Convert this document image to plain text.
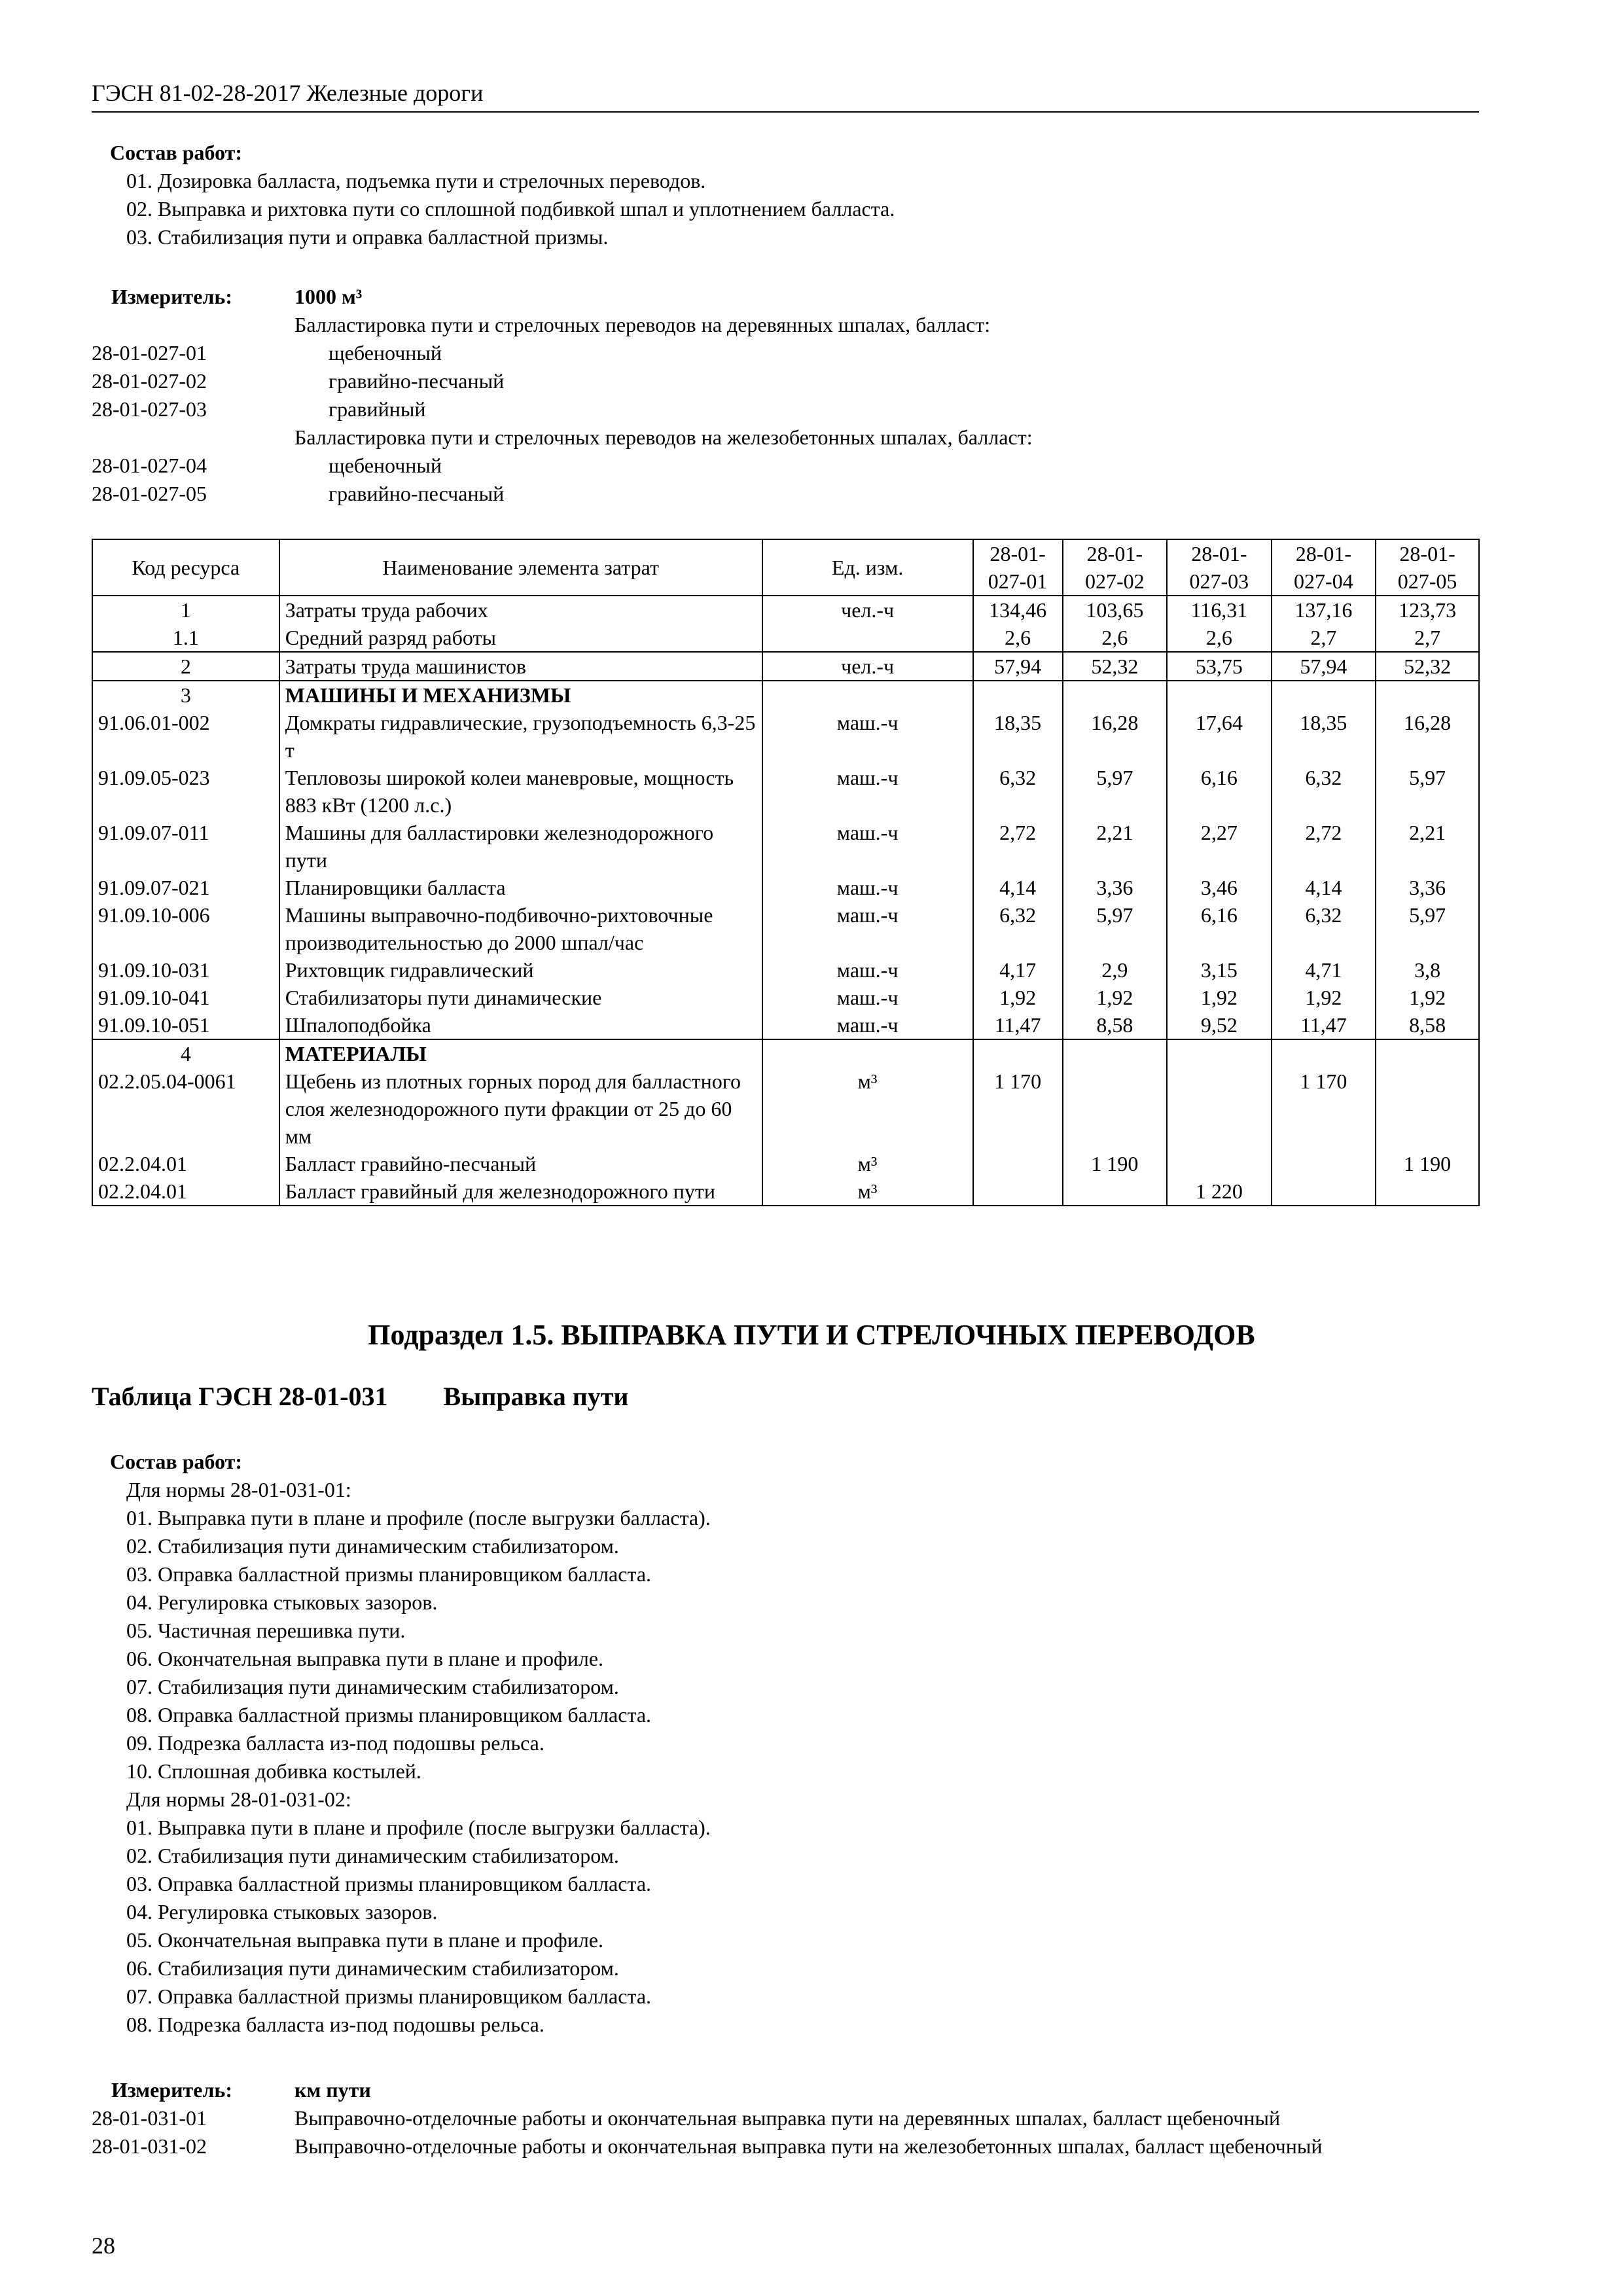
ГЭСН 81-02-28-2017 Железные дороги

Состав работ:

01. Дозировка балласта, подъемка пути и стрелочных переводов.

02. Выправка и рихтовка пути со сплошной подбивкой шпал и уплотнением балласта.

03. Стабилизация пути и оправка балластной призмы.

Измеритель:	1000 м³
Балластировка пути и стрелочных переводов на деревянных шпалах, балласт:
28-01-027-01	щебеночный
28-01-027-02	гравийно-песчаный
28-01-027-03	гравийный
Балластировка пути и стрелочных переводов на железобетонных шпалах, балласт:
28-01-027-04	щебеночный
28-01-027-05	гравийно-песчаный
Код ресурса	Наименование элемента затрат	Ед. изм.	28-01-027-01	28-01-027-02	28-01-027-03	28-01-027-04	28-01-027-05
1	Затраты труда рабочих	чел.-ч	134,46	103,65	116,31	137,16	123,73
1.1	Средний разряд работы		2,6	2,6	2,6	2,7	2,7
2	Затраты труда машинистов	чел.-ч	57,94	52,32	53,75	57,94	52,32
3	МАШИНЫ И МЕХАНИЗМЫ						
91.06.01-002	Домкраты гидравлические, грузоподъемность 6,3-25 т	маш.-ч	18,35	16,28	17,64	18,35	16,28
91.09.05-023	Тепловозы широкой колеи маневровые, мощность 883 кВт (1200 л.с.)	маш.-ч	6,32	5,97	6,16	6,32	5,97
91.09.07-011	Машины для балластировки железнодорожного пути	маш.-ч	2,72	2,21	2,27	2,72	2,21
91.09.07-021	Планировщики балласта	маш.-ч	4,14	3,36	3,46	4,14	3,36
91.09.10-006	Машины выправочно-подбивочно-рихтовочные производительностью до 2000 шпал/час	маш.-ч	6,32	5,97	6,16	6,32	5,97
91.09.10-031	Рихтовщик гидравлический	маш.-ч	4,17	2,9	3,15	4,71	3,8
91.09.10-041	Стабилизаторы пути динамические	маш.-ч	1,92	1,92	1,92	1,92	1,92
91.09.10-051	Шпалоподбойка	маш.-ч	11,47	8,58	9,52	11,47	8,58
4	МАТЕРИАЛЫ						
02.2.05.04-0061	Щебень из плотных горных пород для балластного слоя железнодорожного пути фракции от 25 до 60 мм	м³	1 170			1 170	
02.2.04.01	Балласт гравийно-песчаный	м³		1 190			1 190
02.2.04.01	Балласт гравийный для железнодорожного пути	м³			1 220		
Подраздел 1.5. ВЫПРАВКА ПУТИ И СТРЕЛОЧНЫХ ПЕРЕВОДОВ
Таблица ГЭСН 28-01-031 Выправка пути

Состав работ:

Для нормы 28-01-031-01:

01. Выправка пути в плане и профиле (после выгрузки балласта).

02. Стабилизация пути динамическим стабилизатором.

03. Оправка балластной призмы планировщиком балласта.

04. Регулировка стыковых зазоров.

05. Частичная перешивка пути.

06. Окончательная выправка пути в плане и профиле.

07. Стабилизация пути динамическим стабилизатором.

08. Оправка балластной призмы планировщиком балласта.

09. Подрезка балласта из-под подошвы рельса.

10. Сплошная добивка костылей.

Для нормы 28-01-031-02:

01. Выправка пути в плане и профиле (после выгрузки балласта).

02. Стабилизация пути динамическим стабилизатором.

03. Оправка балластной призмы планировщиком балласта.

04. Регулировка стыковых зазоров.

05. Окончательная выправка пути в плане и профиле.

06. Стабилизация пути динамическим стабилизатором.

07. Оправка балластной призмы планировщиком балласта.

08. Подрезка балласта из-под подошвы рельса.

Измеритель:	км пути
28-01-031-01	Выправочно-отделочные работы и окончательная выправка пути на деревянных шпалах, балласт щебеночный
28-01-031-02	Выправочно-отделочные работы и окончательная выправка пути на железобетонных шпалах, балласт щебеночный
28
